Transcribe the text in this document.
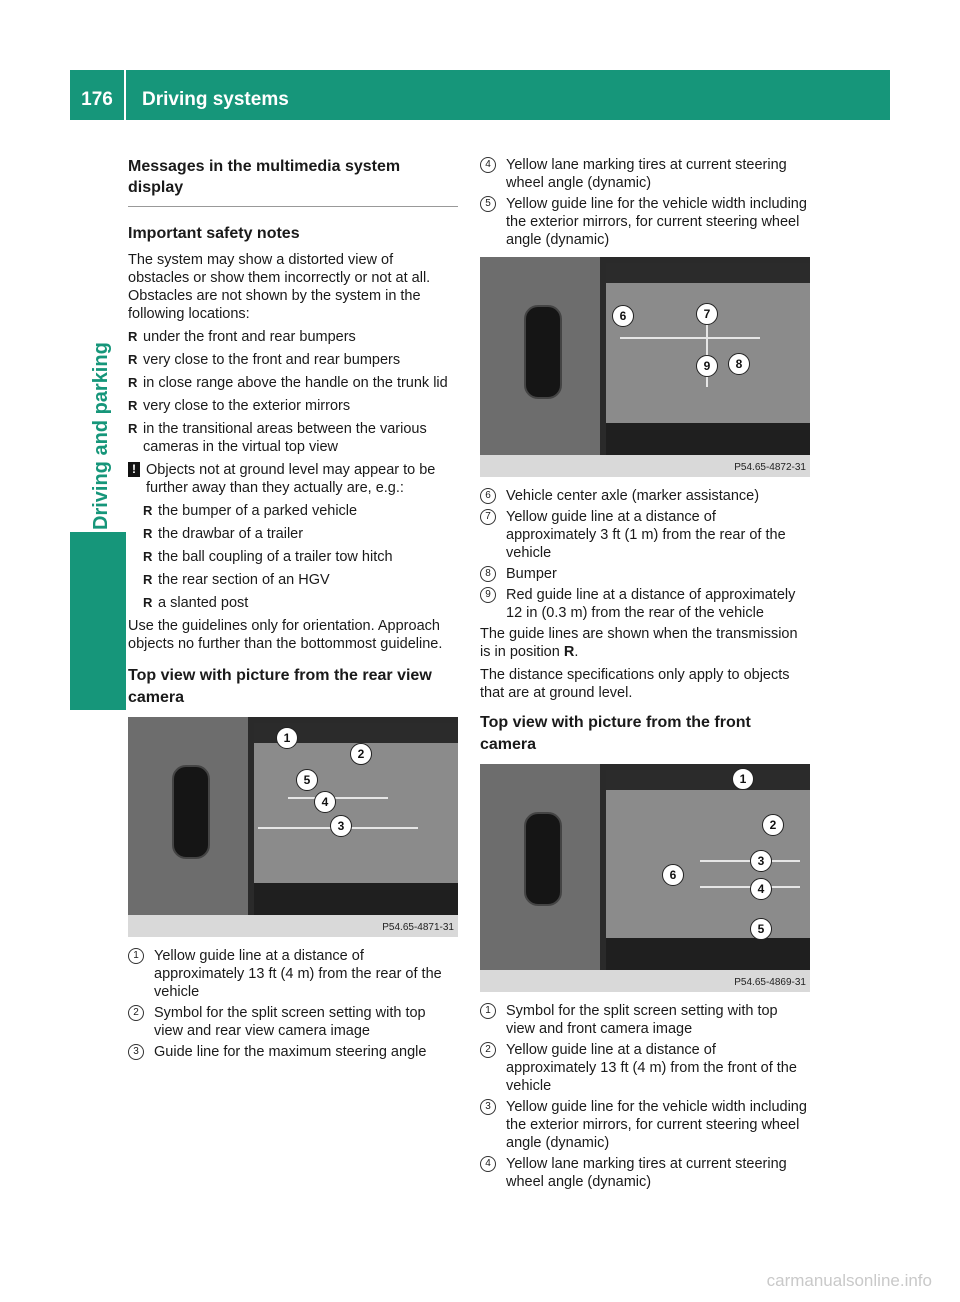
176	Driving systems
Driving and parking
Messages in the multimedia system display
Important safety notes

The system may show a distorted view of obstacles or show them incorrectly or not at all. Obstacles are not shown by the system in the following locations:

R under the front and rear bumpers
R very close to the front and rear bumpers
R in close range above the handle on the trunk lid
R very close to the exterior mirrors
R in the transitional areas between the various cameras in the virtual top view
! Objects not at ground level may appear to be further away than they actually are, e.g.:
R the bumper of a parked vehicle
R the drawbar of a trailer
R the ball coupling of a trailer tow hitch
R the rear section of an HGV
R a slanted post

Use the guidelines only for orientation. Approach objects no further than the bottommost guideline.

Top view with picture from the rear view camera
1
2
3
4
5
P54.65-4871-31
1	Yellow guide line at a distance of approximately 13 ft (4 m) from the rear of the vehicle
2	Symbol for the split screen setting with top view and rear view camera image
3	Guide line for the maximum steering angle
4	Yellow lane marking tires at current steering wheel angle (dynamic)
5	Yellow guide line for the vehicle width including the exterior mirrors, for current steering wheel angle (dynamic)
6	7
8
9
P54.65-4872-31
6	Vehicle center axle (marker assistance)
7	Yellow guide line at a distance of approximately 3 ft (1 m) from the rear of the vehicle
8	Bumper
9	Red guide line at a distance of approximately 12 in (0.3 m) from the rear of the vehicle

The guide lines are shown when the transmission is in position R.

The distance specifications only apply to objects that are at ground level.

Top view with picture from the front camera
1
2
3
4
5
6
P54.65-4869-31
1	Symbol for the split screen setting with top view and front camera image
2	Yellow guide line at a distance of approximately 13 ft (4 m) from the front of the vehicle
3	Yellow guide line for the vehicle width including the exterior mirrors, for current steering wheel angle (dynamic)
4	Yellow lane marking tires at current steering wheel angle (dynamic)
carmanualsonline.info
